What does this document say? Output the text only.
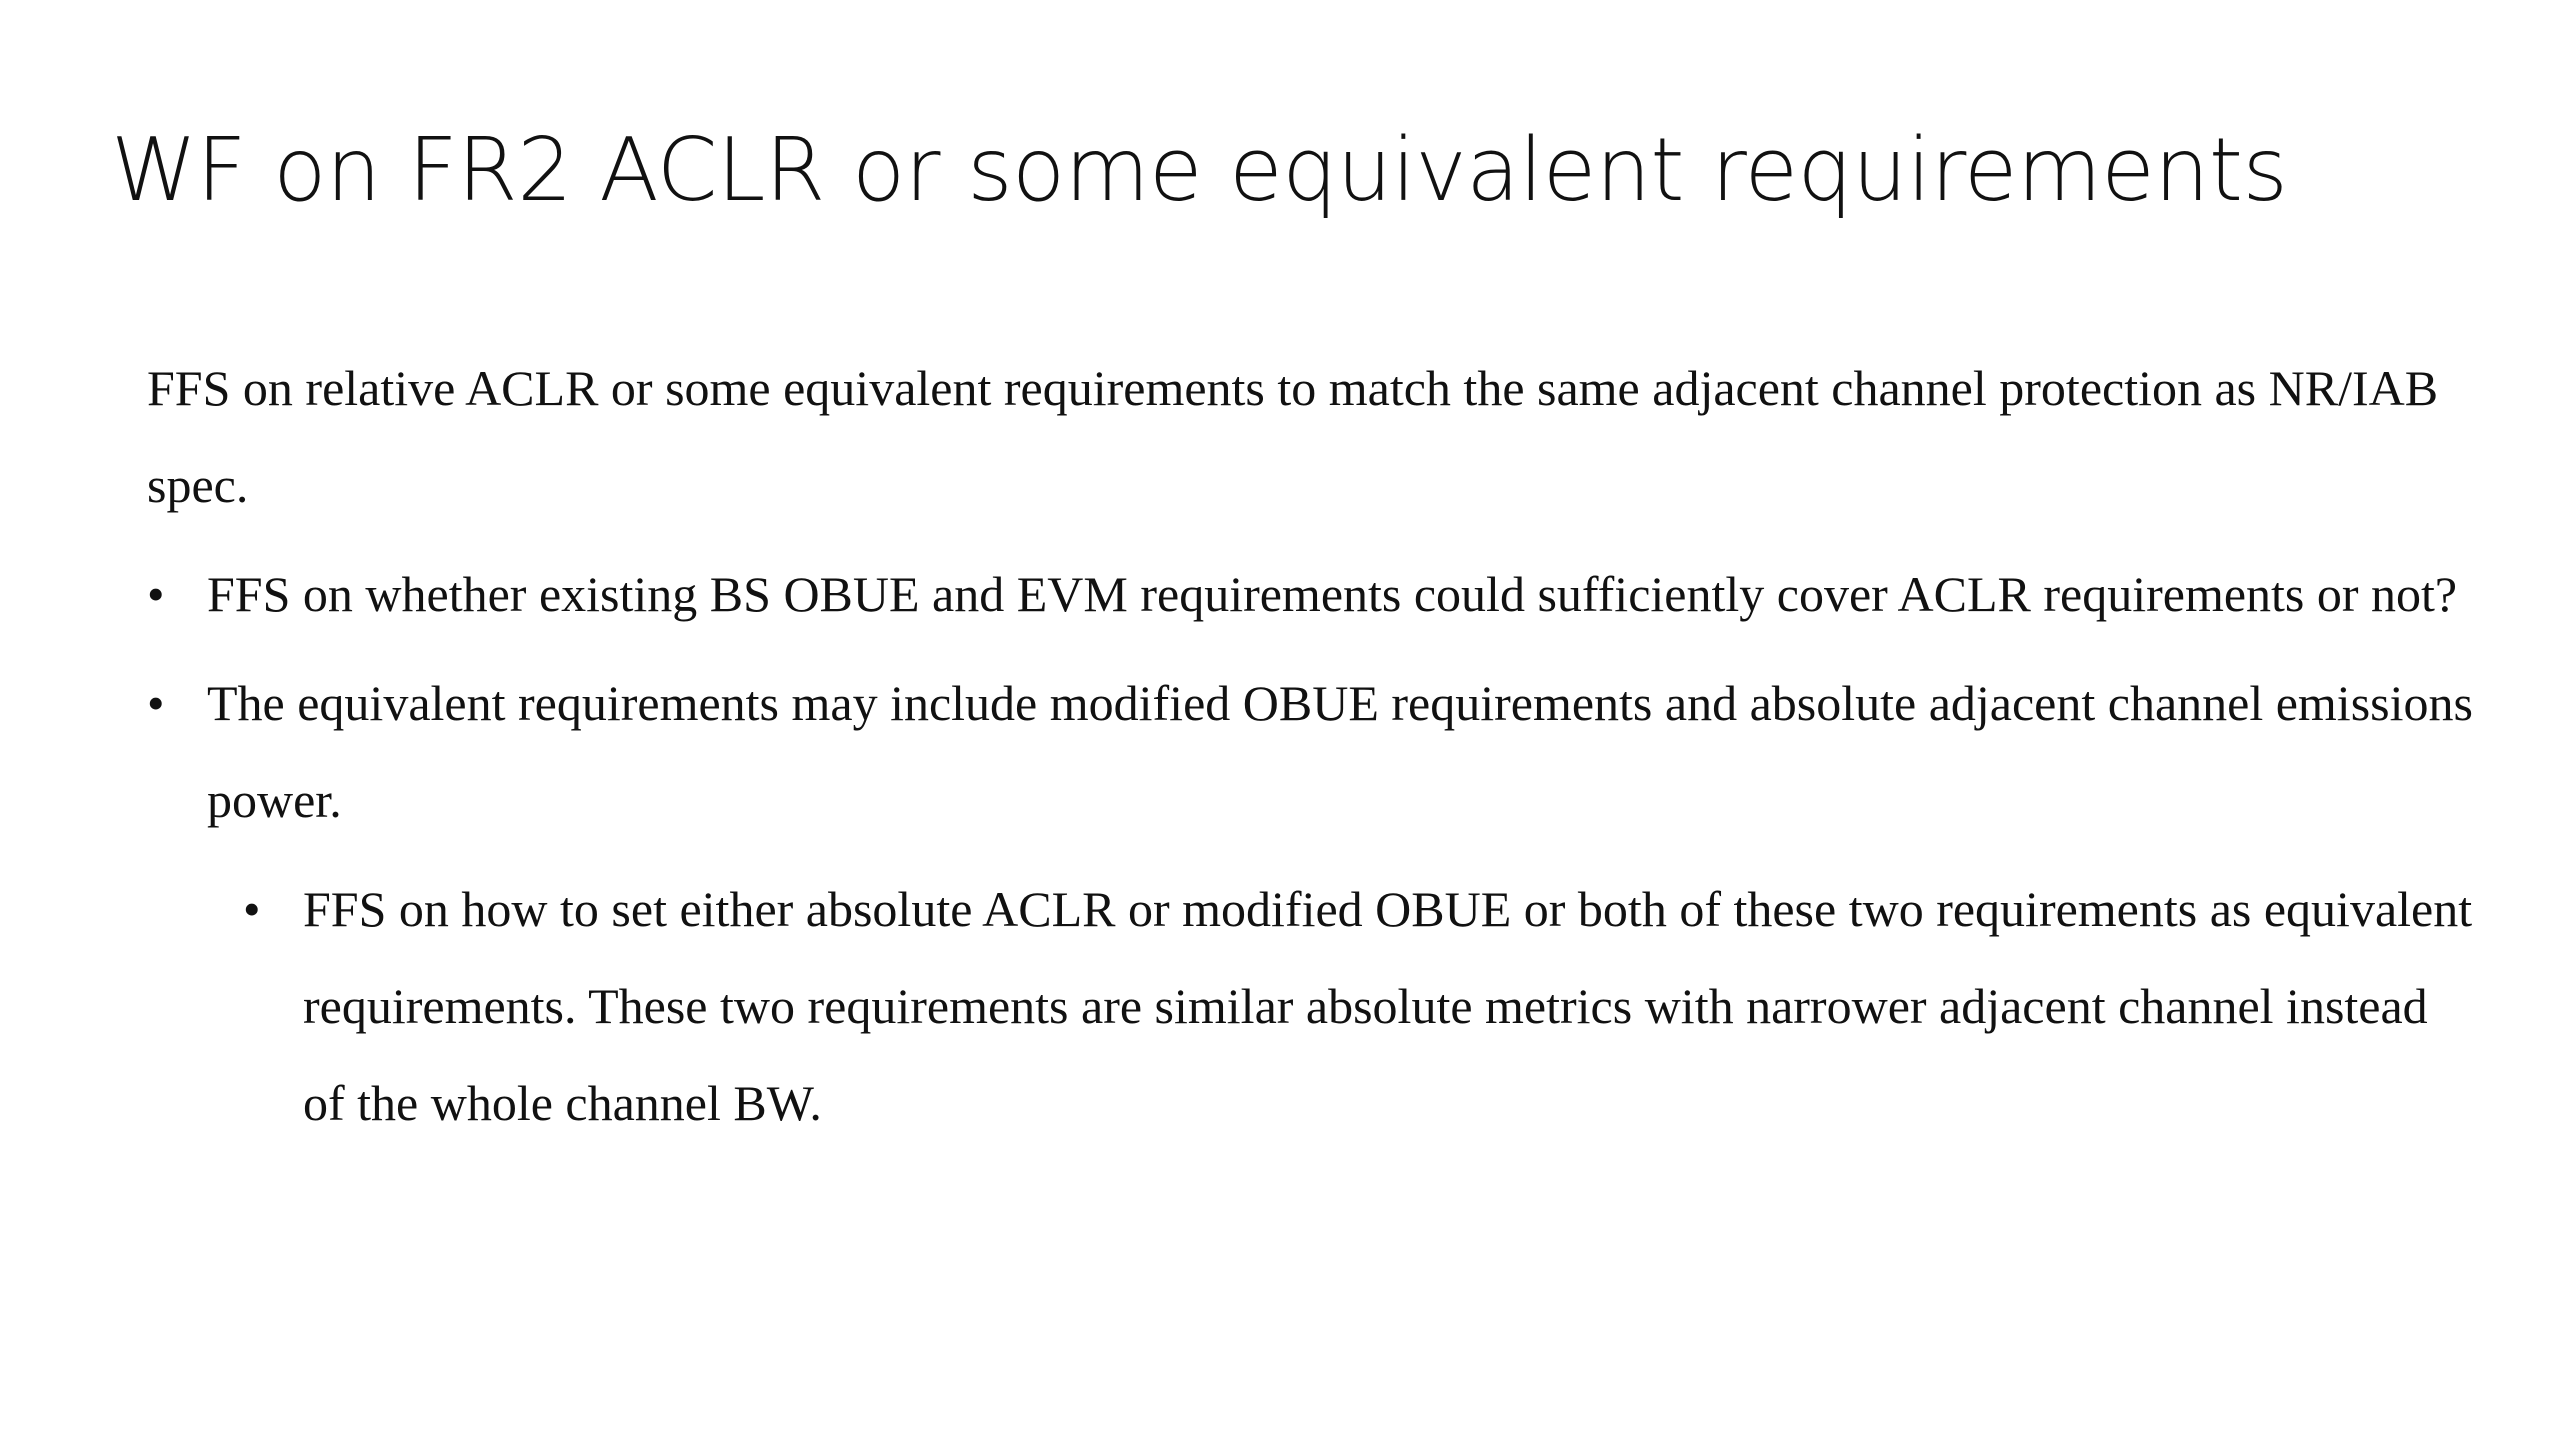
WF on FR2 ACLR or some equivalent requirements

FFS on relative ACLR or some equivalent requirements to match the same adjacent channel protection as NR/IAB spec.

• FFS on whether existing BS OBUE and EVM requirements could sufficiently cover ACLR requirements or not?
• The equivalent requirements may include modified OBUE requirements and absolute adjacent channel emissions power.
• FFS on how to set either absolute ACLR or modified OBUE or both of these two requirements as equivalent requirements. These two requirements are similar absolute metrics with narrower adjacent channel instead of the whole channel BW.
